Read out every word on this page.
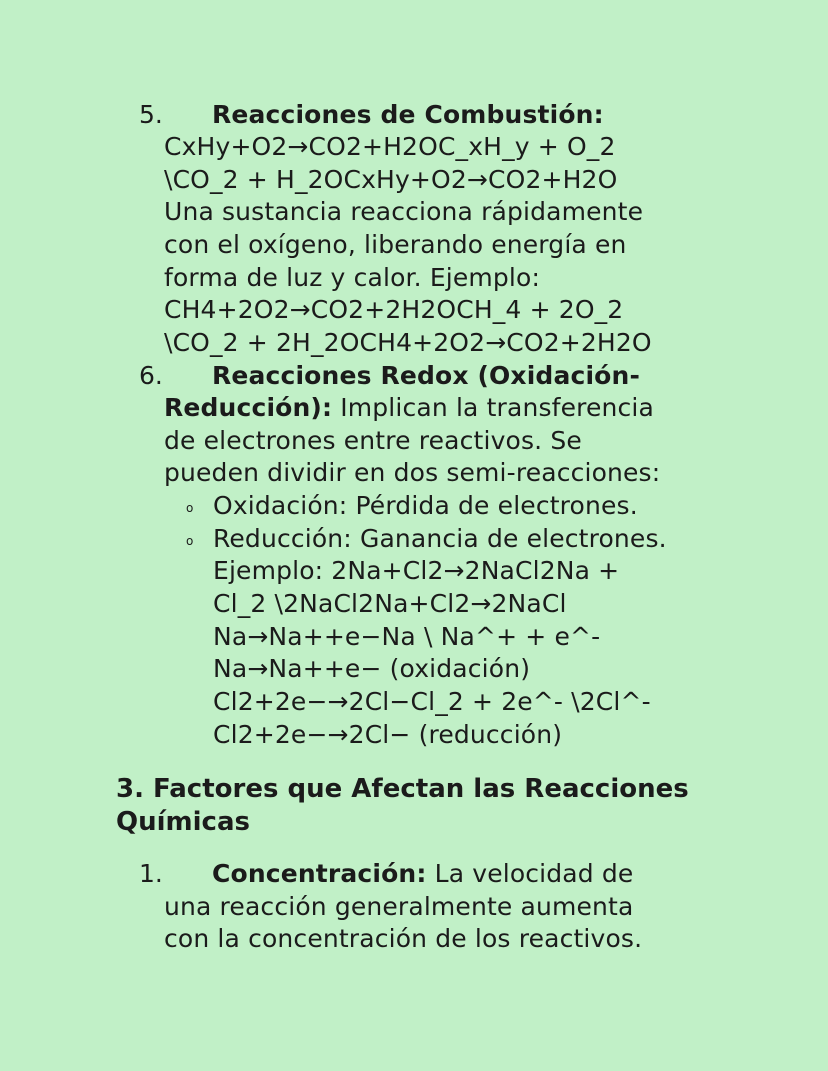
5. Reacciones de Combustión:
CxHy+O2→CO2+H2OC_xH_y + O_2
\CO_2 + H_2OCxHy+O2→CO2+H2O
Una sustancia reacciona rápidamente
con el oxígeno, liberando energía en
forma de luz y calor. Ejemplo:
CH4+2O2→CO2+2H2OCH_4 + 2O_2
\CO_2 + 2H_2OCH4+2O2→CO2+2H2O
6. Reacciones Redox (Oxidación-
Reducción): Implican la transferencia
de electrones entre reactivos. Se
pueden dividir en dos semi-reacciones:
o Oxidación: Pérdida de electrones.
o Reducción: Ganancia de electrones.
Ejemplo: 2Na+Cl2→2NaCl2Na +
Cl_2 \2NaCl2Na+Cl2→2NaCl
Na→Na++e−Na \ Na^+ + e^-
Na→Na++e− (oxidación)
Cl2+2e−→2Cl−Cl_2 + 2e^- \2Cl^-
Cl2+2e−→2Cl− (reducción)
3. Factores que Afectan las Reacciones
Químicas
1. Concentración: La velocidad de
una reacción generalmente aumenta
con la concentración de los reactivos.
